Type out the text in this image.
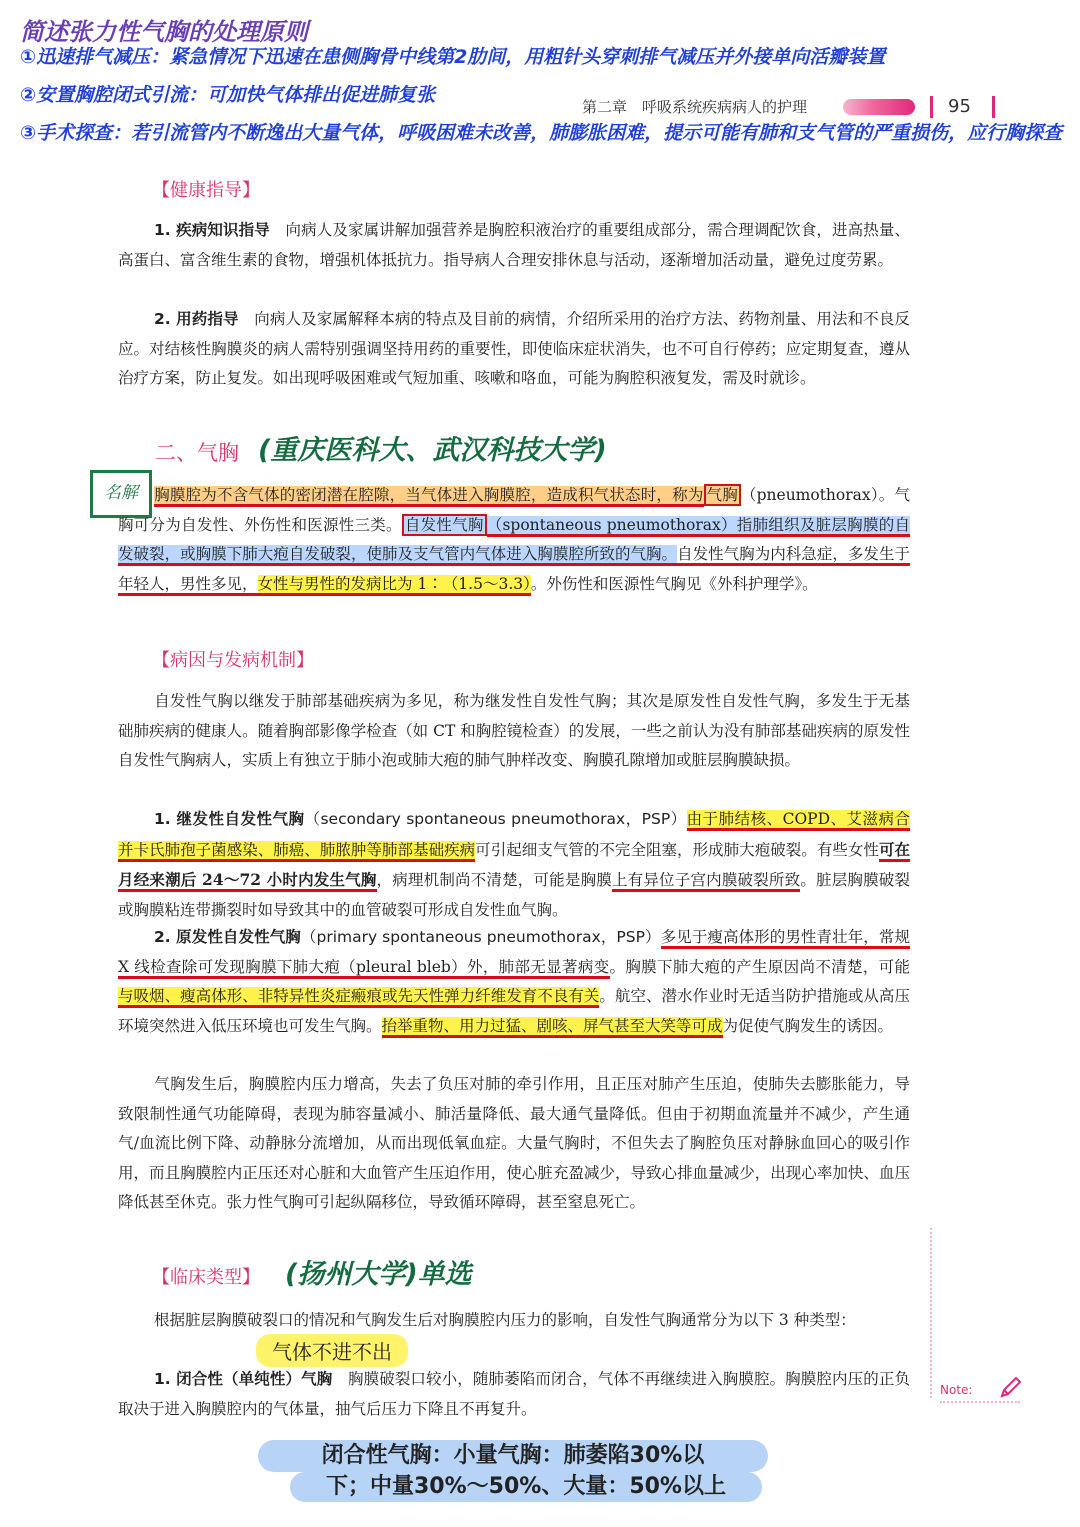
简述张力性气胸的处理原则
①迅速排气减压：紧急情况下迅速在患侧胸骨中线第2肋间，用粗针头穿刺排气减压并外接单向活瓣装置
②安置胸腔闭式引流：可加快气体排出促进肺复张
③手术探查：若引流管内不断逸出大量气体，呼吸困难未改善，肺膨胀困难，提示可能有肺和支气管的严重损伤，应行胸探查
第二章　呼吸系统疾病病人的护理	95
【健康指导】

1. 疾病知识指导　 向病人及家属讲解加强营养是胸腔积液治疗的重要组成部分，需合理调配饮食，进高热量、高蛋白、富含维生素的食物，增强机体抵抗力。指导病人合理安排休息与活动，逐渐增加活动量，避免过度劳累。

2. 用药指导　 向病人及家属解释本病的特点及目前的病情，介绍所采用的治疗方法、药物剂量、用法和不良反应。对结核性胸膜炎的病人需特别强调坚持用药的重要性，即使临床症状消失，也不可自行停药；应定期复查，遵从治疗方案，防止复发。如出现呼吸困难或气短加重、咳嗽和咯血，可能为胸腔积液复发，需及时就诊。

二、气胸 (重庆医科大、武汉科技大学)
名解	胸膜腔为不含气体的密闭潜在腔隙，当气体进入胸膜腔，造成积气状态时，称为 气胸 （pneumothorax）。气胸可分为自发性、外伤性和医源性三类。 自发性气胸 （spontaneous pneumothorax）指肺组织及脏层胸膜的自发破裂，或胸膜下肺大疱自发破裂，使肺及支气管内气体进入胸膜腔所致的气胸。自发性气胸为内科急症，多发生于年轻人，男性多见，女性与男性的发病比为 1∶（1.5～3.3）。外伤性和医源性气胸见《外科护理学》。

【病因与发病机制】

自发性气胸以继发于肺部基础疾病为多见，称为继发性自发性气胸；其次是原发性自发性气胸，多发生于无基础肺疾病的健康人。随着胸部影像学检查（如 CT 和胸腔镜检查）的发展，一些之前认为没有肺部基础疾病的原发性自发性气胸病人，实质上有独立于肺小泡或肺大疱的肺气肿样改变、胸膜孔隙增加或脏层胸膜缺损。

1. 继发性自发性气胸（secondary spontaneous pneumothorax，PSP）由于肺结核、COPD、艾滋病合并卡氏肺孢子菌感染、肺癌、肺脓肿等肺部基础疾病可引起细支气管的不完全阻塞，形成肺大疱破裂。有些女性可在月经来潮后 24～72 小时内发生气胸，病理机制尚不清楚，可能是胸膜上有异位子宫内膜破裂所致。脏层胸膜破裂或胸膜粘连带撕裂时如导致其中的血管破裂可形成自发性血气胸。

2. 原发性自发性气胸（primary spontaneous pneumothorax，PSP）多见于瘦高体形的男性青壮年，常规 X 线检查除可发现胸膜下肺大疱（pleural bleb）外，肺部无显著病变。胸膜下肺大疱的产生原因尚不清楚，可能与吸烟、瘦高体形、非特异性炎症瘢痕或先天性弹力纤维发育不良有关。航空、潜水作业时无适当防护措施或从高压环境突然进入低压环境也可发生气胸。抬举重物、用力过猛、剧咳、屏气甚至大笑等可成为促使气胸发生的诱因。

气胸发生后，胸膜腔内压力增高，失去了负压对肺的牵引作用，且正压对肺产生压迫，使肺失去膨胀能力，导致限制性通气功能障碍，表现为肺容量减小、肺活量降低、最大通气量降低。但由于初期血流量并不减少，产生通气/血流比例下降、动静脉分流增加，从而出现低氧血症。大量气胸时，不但失去了胸腔负压对静脉血回心的吸引作用，而且胸膜腔内正压还对心脏和大血管产生压迫作用，使心脏充盈减少，导致心排血量减少，出现心率加快、血压降低甚至休克。张力性气胸可引起纵隔移位，导致循环障碍，甚至窒息死亡。

【临床类型】 (扬州大学)单选

根据脏层胸膜破裂口的情况和气胸发生后对胸膜腔内压力的影响，自发性气胸通常分为以下 3 种类型：

气体不进不出

1. 闭合性（单纯性）气胸　 胸膜破裂口较小，随肺萎陷而闭合，气体不再继续进入胸膜腔。胸膜腔内压的正负取决于进入胸膜腔内的气体量，抽气后压力下降且不再复升。

Note:
闭合性气胸：小量气胸：肺萎陷30%以
下；中量30%～50%、大量：50%以上
